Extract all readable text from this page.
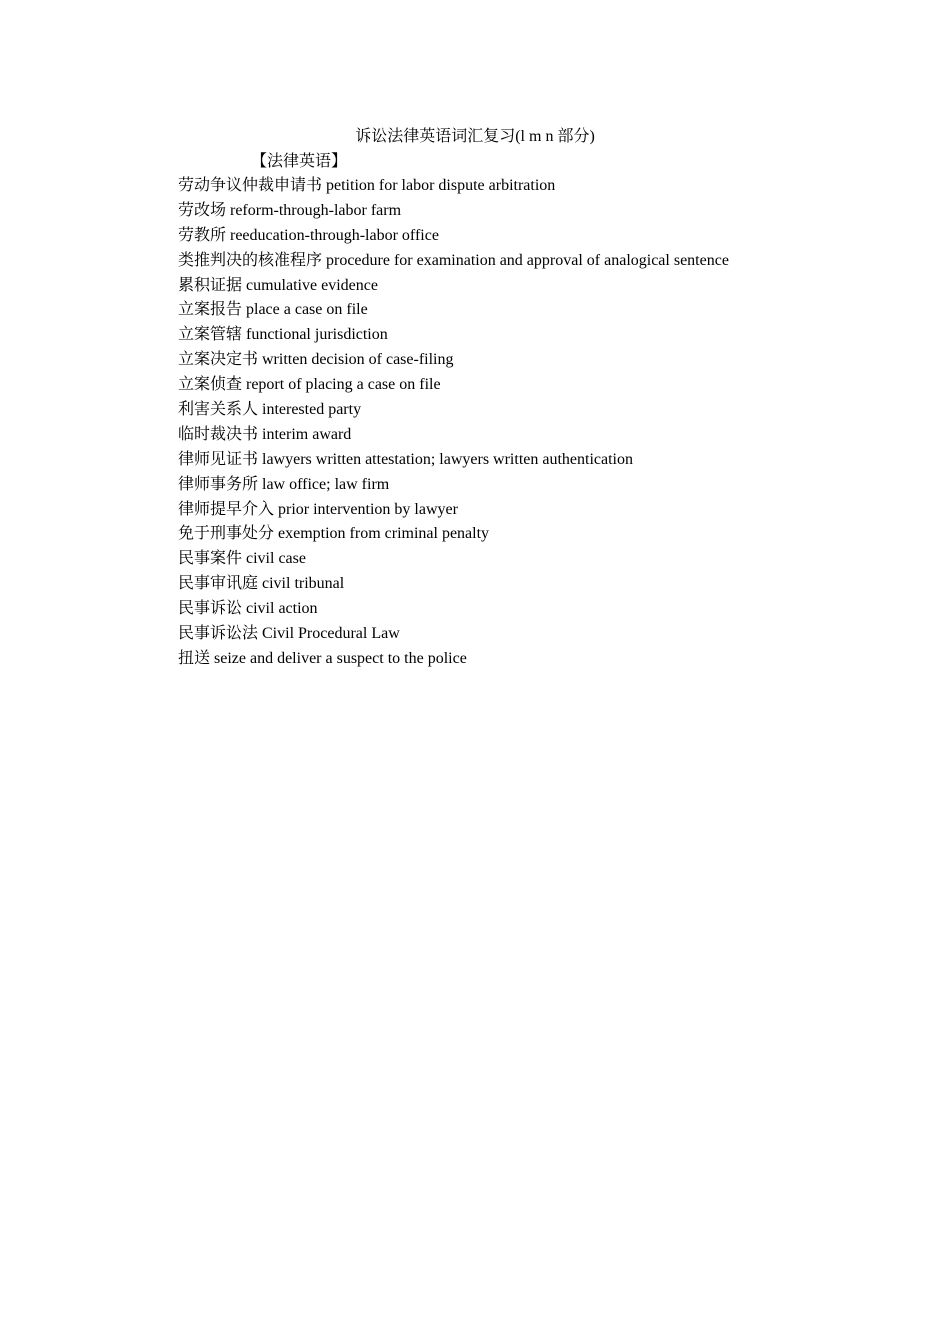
诉讼法律英语词汇复习(l m n 部分)
【法律英语】
劳动争议仲裁申请书 petition for labor dispute arbitration
劳改场 reform-through-labor farm
劳教所 reeducation-through-labor office
类推判决的核准程序 procedure for examination and approval of analogical sentence
累积证据 cumulative evidence
立案报告 place a case on file
立案管辖 functional jurisdiction
立案决定书 written decision of case-filing
立案侦查 report of placing a case on file
利害关系人 interested party
临时裁决书 interim award
律师见证书 lawyers written attestation; lawyers written authentication
律师事务所 law office; law firm
律师提早介入 prior intervention by lawyer
免于刑事处分 exemption from criminal penalty
民事案件 civil case
民事审讯庭 civil tribunal
民事诉讼 civil action
民事诉讼法 Civil Procedural Law
扭送 seize and deliver a suspect to the police
